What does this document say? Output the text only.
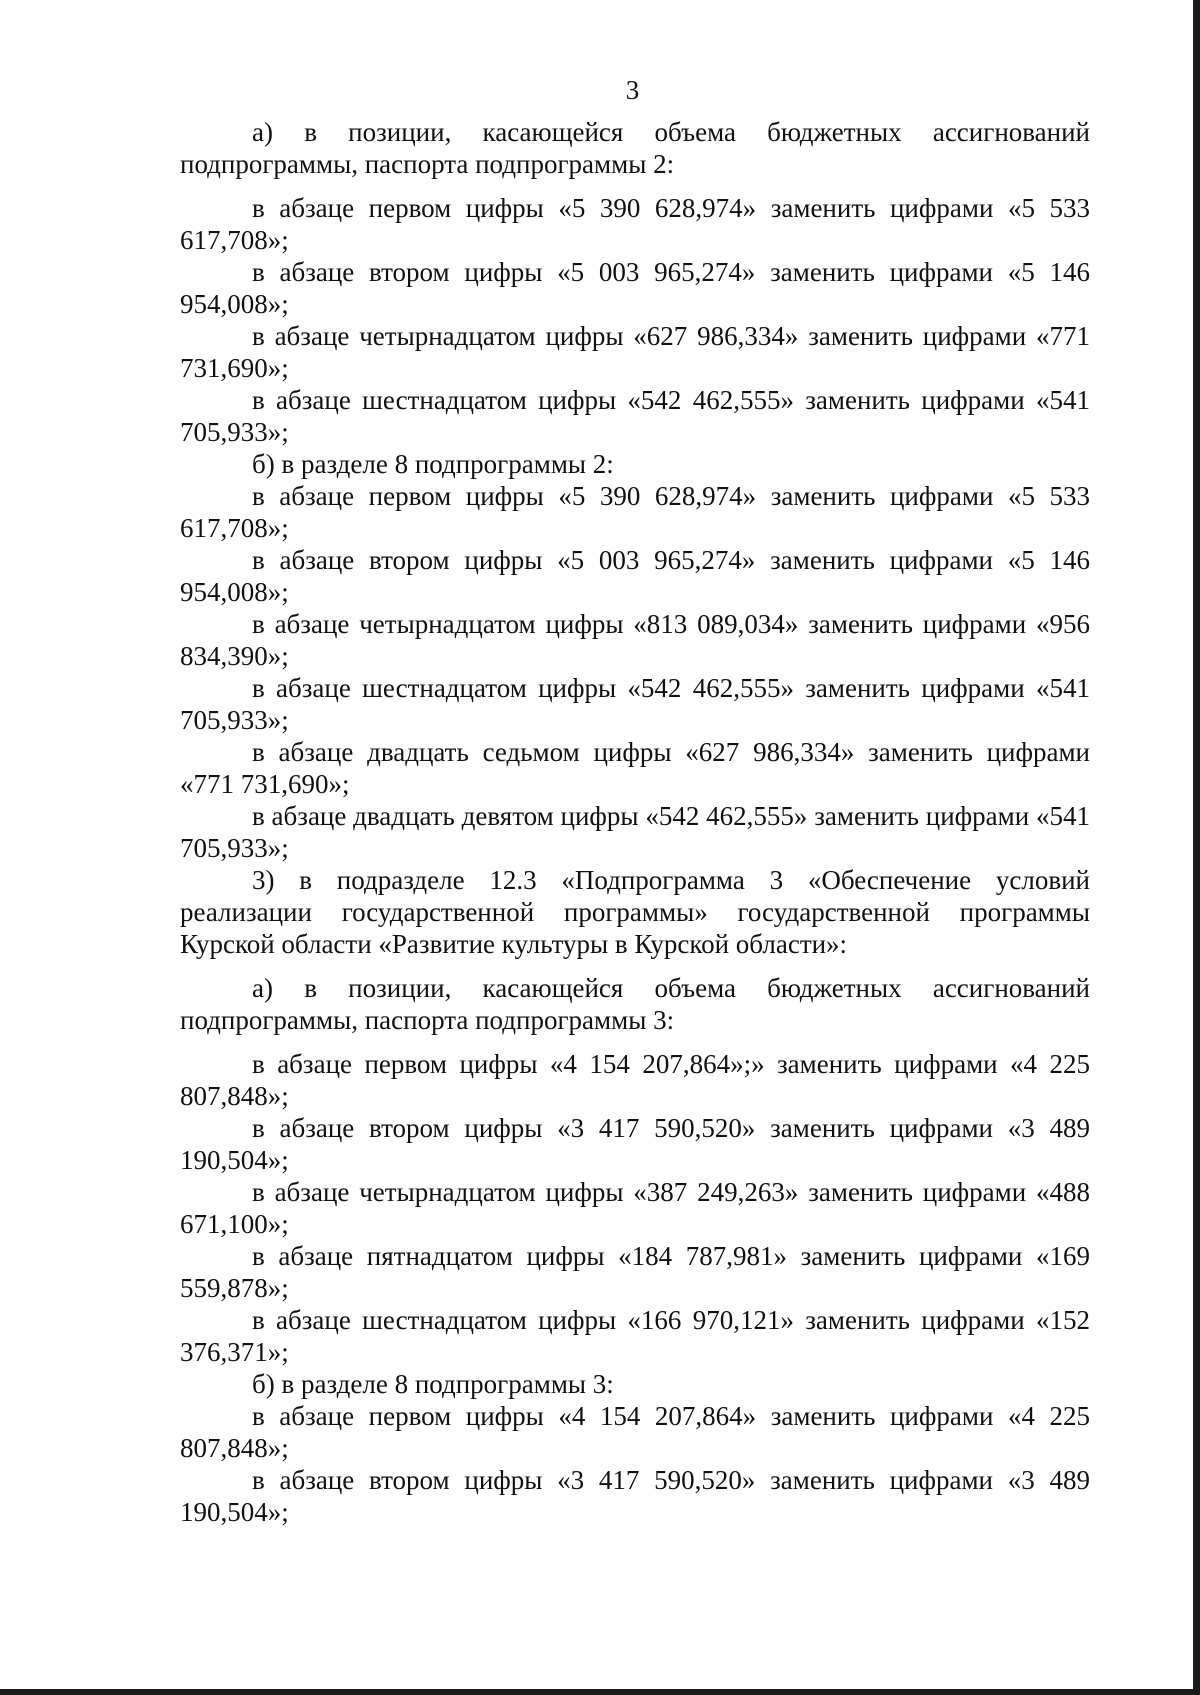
3

а) в позиции, касающейся объема бюджетных ассигнований подпрограммы, паспорта подпрограммы 2:

в абзаце первом цифры «5 390 628,974» заменить цифрами «5 533 617,708»;

в абзаце втором цифры «5 003 965,274» заменить цифрами «5 146 954,008»;

в абзаце четырнадцатом цифры «627 986,334» заменить цифрами «771 731,690»;

в абзаце шестнадцатом цифры «542 462,555» заменить цифрами «541 705,933»;

б) в разделе 8 подпрограммы 2:

в абзаце первом цифры «5 390 628,974» заменить цифрами «5 533 617,708»;

в абзаце втором цифры «5 003 965,274» заменить цифрами «5 146 954,008»;

в абзаце четырнадцатом цифры «813 089,034» заменить цифрами «956 834,390»;

в абзаце шестнадцатом цифры «542 462,555» заменить цифрами «541 705,933»;

в абзаце двадцать седьмом цифры «627 986,334» заменить цифрами «771 731,690»;

в абзаце двадцать девятом цифры «542 462,555» заменить цифрами «541 705,933»;

3) в подразделе 12.3 «Подпрограмма 3 «Обеспечение условий реализации государственной программы» государственной программы Курской области «Развитие культуры в Курской области»:

а) в позиции, касающейся объема бюджетных ассигнований подпрограммы, паспорта подпрограммы 3:

в абзаце первом цифры «4 154 207,864»;» заменить цифрами «4 225 807,848»;

в абзаце втором цифры «3 417 590,520» заменить цифрами «3 489 190,504»;

в абзаце четырнадцатом цифры «387 249,263» заменить цифрами «488 671,100»;

в абзаце пятнадцатом цифры «184 787,981» заменить цифрами «169 559,878»;

в абзаце шестнадцатом цифры «166 970,121» заменить цифрами «152 376,371»;

б) в разделе 8 подпрограммы 3:

в абзаце первом цифры «4 154 207,864» заменить цифрами «4 225 807,848»;

в абзаце втором цифры «3 417 590,520» заменить цифрами «3 489 190,504»;
